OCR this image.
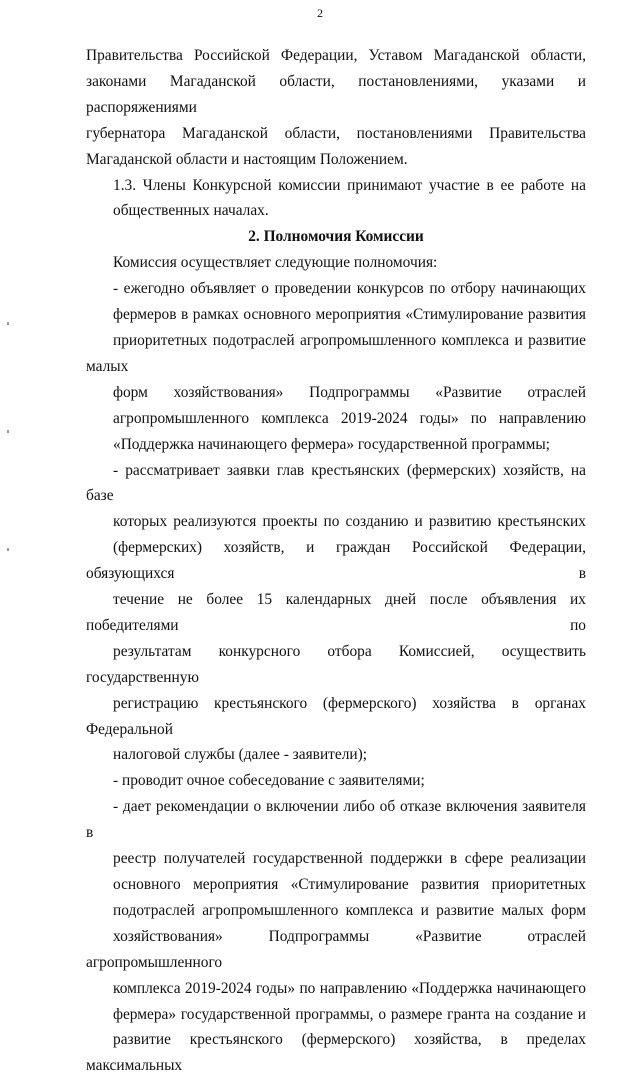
2
Правительства Российской Федерации, Уставом Магаданской области,
законами Магаданской области, постановлениями, указами и распоряжениями
губернатора Магаданской области, постановлениями Правительства
Магаданской области и настоящим Положением.
1.3. Члены Конкурсной комиссии принимают участие в ее работе на
общественных началах.
2. Полномочия Комиссии
Комиссия осуществляет следующие полномочия:
- ежегодно объявляет о проведении конкурсов по отбору начинающих
фермеров в рамках основного мероприятия «Стимулирование развития
приоритетных подотраслей агропромышленного комплекса и развитие малых
форм хозяйствования» Подпрограммы «Развитие отраслей
агропромышленного комплекса 2019-2024 годы» по направлению
«Поддержка начинающего фермера» государственной программы;
- рассматривает заявки глав крестьянских (фермерских) хозяйств, на базе
которых реализуются проекты по созданию и развитию крестьянских
(фермерских) хозяйств, и граждан Российской Федерации, обязующихся в
течение не более 15 календарных дней после объявления их победителями по
результатам конкурсного отбора Комиссией, осуществить государственную
регистрацию крестьянского (фермерского) хозяйства в органах Федеральной
налоговой службы (далее - заявители);
- проводит очное собеседование с заявителями;
- дает рекомендации о включении либо об отказе включения заявителя в
реестр получателей государственной поддержки в сфере реализации
основного мероприятия «Стимулирование развития приоритетных
подотраслей агропромышленного комплекса и развитие малых форм
хозяйствования» Подпрограммы «Развитие отраслей агропромышленного
комплекса 2019-2024 годы» по направлению «Поддержка начинающего
фермера» государственной программы, о размере гранта на создание и
развитие крестьянского (фермерского) хозяйства, в пределах максимальных
